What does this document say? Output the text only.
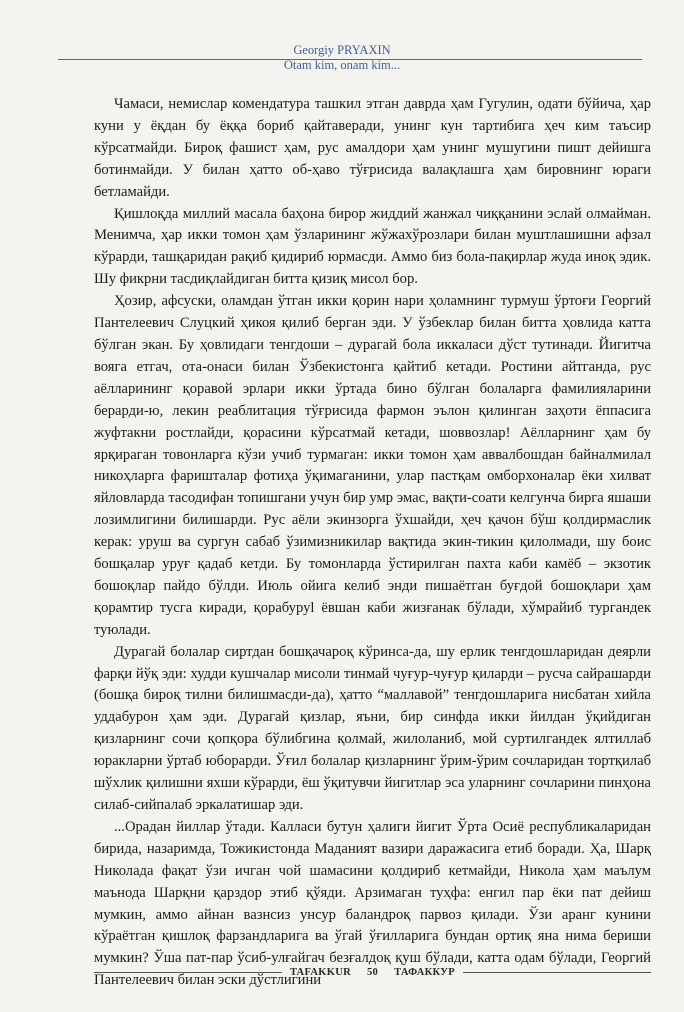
Georgiy PRYAXIN
Otam kim, onam kim...

Чамаси, немислар комендатура ташкил этган даврда ҳам Гугулин, одати бўйича, ҳар куни у ёқдан бу ёққа бориб қайтаверади, унинг кун тартибига ҳеч ким таъсир кўрсатмайди. Бироқ фашист ҳам, рус амалдори ҳам унинг мушугини пишт дейишга ботинмайди. У билан ҳатто об-ҳаво тўғрисида валақлашга ҳам бировнинг юраги бетламайди.

Қишлоқда миллий масала баҳона бирор жиддий жанжал чиққанини эслай олмайман. Менимча, ҳар икки томон ҳам ўзларининг жўжахўрозлари билан муштлашишни афзал кўрарди, ташқаридан рақиб қидириб юрмасди. Аммо биз бола-пақирлар жуда иноқ эдик. Шу фикрни тасдиқлайдиган битта қизиқ мисол бор.

Ҳозир, афсуски, оламдан ўтган икки қорин нари ҳоламнинг турмуш ўртоғи Георгий Пантелеевич Слуцкий ҳикоя қилиб берган эди. У ўзбеклар билан битта ҳовлида катта бўлган экан. Бу ҳовлидаги тенгдоши – дурагай бола иккаласи дўст тутинади. Йигитча вояга етгач, ота-онаси билан Ўзбекистонга қайтиб кетади. Ростини айтганда, рус аёлларининг қоравой эрлари икки ўртада бино бўлган болаларга фамилияларини берарди-ю, лекин реаблитация тўғрисида фармон эълон қилинган заҳоти ёппасига жуфтакни ростлайди, қорасини кўрсатмай кетади, шоввозлар! Аёлларнинг ҳам бу ярқираган товонларга кўзи учиб турмаган: икки томон ҳам аввалбошдан байналмилал никоҳларга фаришталар фотиҳа ўқимаганини, улар пастқам омборхоналар ёки хилват яйловларда тасодифан топишгани учун бир умр эмас, вақти-соати келгунча бирга яшаши лозимлигини билишарди. Рус аёли экинзорга ўхшайди, ҳеч қачон бўш қолдирмаслик керак: уруш ва сургун сабаб ўзимизникилар вақтида экин-тикин қилолмади, шу боис бошқалар уруғ қадаб кетди. Бу томонларда ўстирилган пахта каби камёб – экзотик бошоқлар пайдо бўлди. Июль ойига келиб энди пишаётган буғдой бошоқлари ҳам қорамтир тусга киради, қорабуруl ёвшан каби жизғанак бўлади, хўмрайиб тургандек туюлади.

Дурагай болалар сиртдан бошқачароқ кўринса-да, шу ерлик тенгдошларидан деярли фарқи йўқ эди: худди кушчалар мисоли тинмай чуғур-чуғур қиларди – русча сайрашарди (бошқа бироқ тилни билишмасди-да), ҳатто “маллавой” тенгдошларига нисбатан хийла уддабурон ҳам эди. Дурагай қизлар, яъни, бир синфда икки йилдан ўқийдиган қизларнинг сочи қопқора бўлибгина қолмай, жилоланиб, мой суртилгандек ялтиллаб юракларни ўртаб юборарди. Ўғил болалар қизларнинг ўрим-ўрим сочларидан тортқилаб шўхлик қилишни яхши кўрарди, ёш ўқитувчи йигитлар эса уларнинг сочларини пинҳона силаб-сийпалаб эркалатишар эди.

...Орадан йиллар ўтади. Калласи бутун ҳалиги йигит Ўрта Осиё республикаларидан бирида, назаримда, Тожикистонда Маданият вазири даражасига етиб боради. Ҳа, Шарқ Николада фақат ўзи ичган чой шамасини қолдириб кетмайди, Никола ҳам маълум маънода Шарқни қарздор этиб қўяди. Арзимаган туҳфа: енгил пар ёки пат дейиш мумкин, аммо айнан вазнсиз унсур баландроқ парвоз қилади. Ўзи аранг кунини кўраётган қишлоқ фарзандларига ва ўгай ўғилларига бундан ортиқ яна нима бериши мумкин? Ўша пат-пар ўсиб-улғайгач безғалдоқ қуш бўлади, катта одам бўлади, Георгий Пантелеевич билан эски дўстлигини

TAFAKKUR	50	ТАФАККУР
